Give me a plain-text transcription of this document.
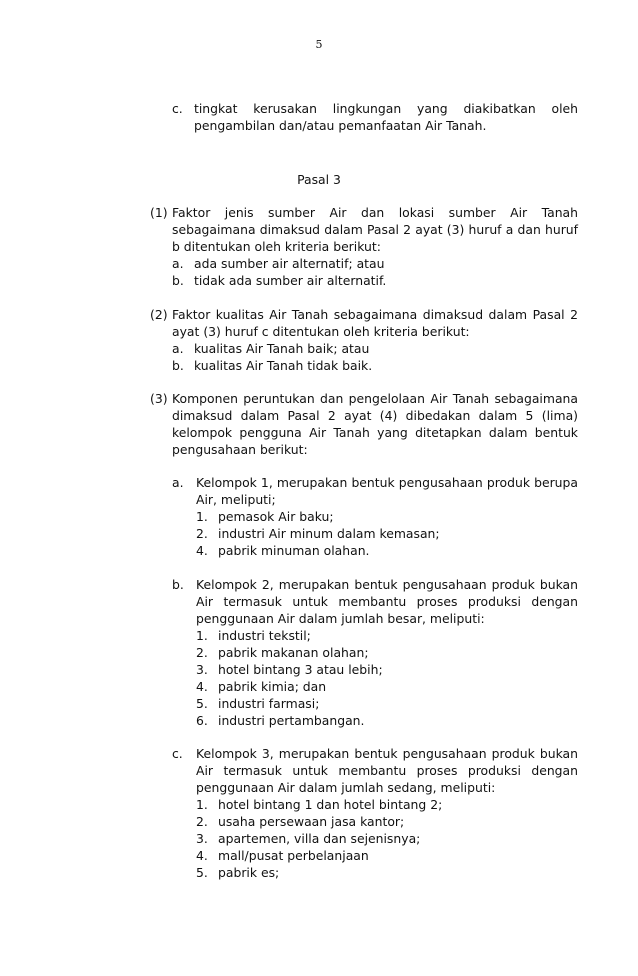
5
c. tingkat kerusakan lingkungan yang diakibatkan oleh
pengambilan dan/atau pemanfaatan Air Tanah.
Pasal 3
(1) Faktor jenis sumber Air dan lokasi sumber Air Tanah
sebagaimana dimaksud dalam Pasal 2 ayat (3) huruf a dan huruf
b ditentukan oleh kriteria berikut:
a. ada sumber air alternatif; atau
b. tidak ada sumber air alternatif.
(2) Faktor kualitas Air Tanah sebagaimana dimaksud dalam Pasal 2
ayat (3) huruf c ditentukan oleh kriteria berikut:
a. kualitas Air Tanah baik; atau
b. kualitas Air Tanah tidak baik.
(3) Komponen peruntukan dan pengelolaan Air Tanah sebagaimana
dimaksud dalam Pasal 2 ayat (4) dibedakan dalam 5 (lima)
kelompok pengguna Air Tanah yang ditetapkan dalam bentuk
pengusahaan berikut:
a. Kelompok 1, merupakan bentuk pengusahaan produk berupa
Air, meliputi;
1. pemasok Air baku;
2. industri Air minum dalam kemasan;
4. pabrik minuman olahan.
b. Kelompok 2, merupakan bentuk pengusahaan produk bukan
Air termasuk untuk membantu proses produksi dengan
penggunaan Air dalam jumlah besar, meliputi:
1. industri tekstil;
2. pabrik makanan olahan;
3. hotel bintang 3 atau lebih;
4. pabrik kimia; dan
5. industri farmasi;
6. industri pertambangan.
c. Kelompok 3, merupakan bentuk pengusahaan produk bukan
Air termasuk untuk membantu proses produksi dengan
penggunaan Air dalam jumlah sedang, meliputi:
1. hotel bintang 1 dan hotel bintang 2;
2. usaha persewaan jasa kantor;
3. apartemen, villa dan sejenisnya;
4. mall/pusat perbelanjaan
5. pabrik es;
